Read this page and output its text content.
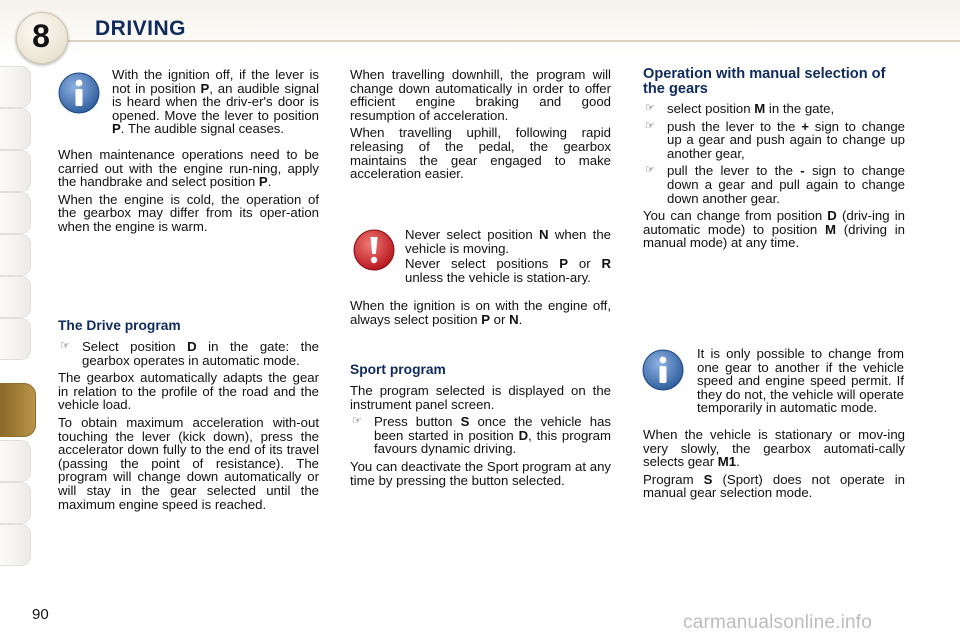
8	DRIVING

With the ignition off, if the lever is not in position P, an audible signal is heard when the driv-er's door is opened. Move the lever to position P. The audible signal ceases.

When maintenance operations need to be carried out with the engine run-ning, apply the handbrake and select position P.

When the engine is cold, the operation of the gearbox may differ from its oper-ation when the engine is warm.

The Drive program
☞ Select position D in the gate: the gearbox operates in automatic mode.

The gearbox automatically adapts the gear in relation to the profile of the road and the vehicle load.

To obtain maximum acceleration with-out touching the lever (kick down), press the accelerator down fully to the end of its travel (passing the point of resistance). The program will change down automatically or will stay in the gear selected until the maximum engine speed is reached.

When travelling downhill, the program will change down automatically in order to offer efficient engine braking and good resumption of acceleration.

When travelling uphill, following rapid releasing of the pedal, the gearbox maintains the gear engaged to make acceleration easier.

Never select position N when the vehicle is moving.

Never select positions P or R unless the vehicle is station-ary.
When the ignition is on with the engine off, always select position P or N.
Sport program

The program selected is displayed on the instrument panel screen.

☞ Press button S once the vehicle has been started in position D, this program favours dynamic driving.

You can deactivate the Sport program at any time by pressing the button selected.

Operation with manual selection of the gears
☞ select position M in the gate,
☞ push the lever to the + sign to change up a gear and push again to change up another gear,
☞ pull the lever to the - sign to change down a gear and pull again to change down another gear.

You can change from position D (driv-ing in automatic mode) to position M (driving in manual mode) at any time.

It is only possible to change from one gear to another if the vehicle speed and engine speed permit. If they do not, the vehicle will operate temporarily in automatic mode.

When the vehicle is stationary or mov-ing very slowly, the gearbox automati-cally selects gear M1.

Program S (Sport) does not operate in manual gear selection mode.

90	carmanualsonline.info
